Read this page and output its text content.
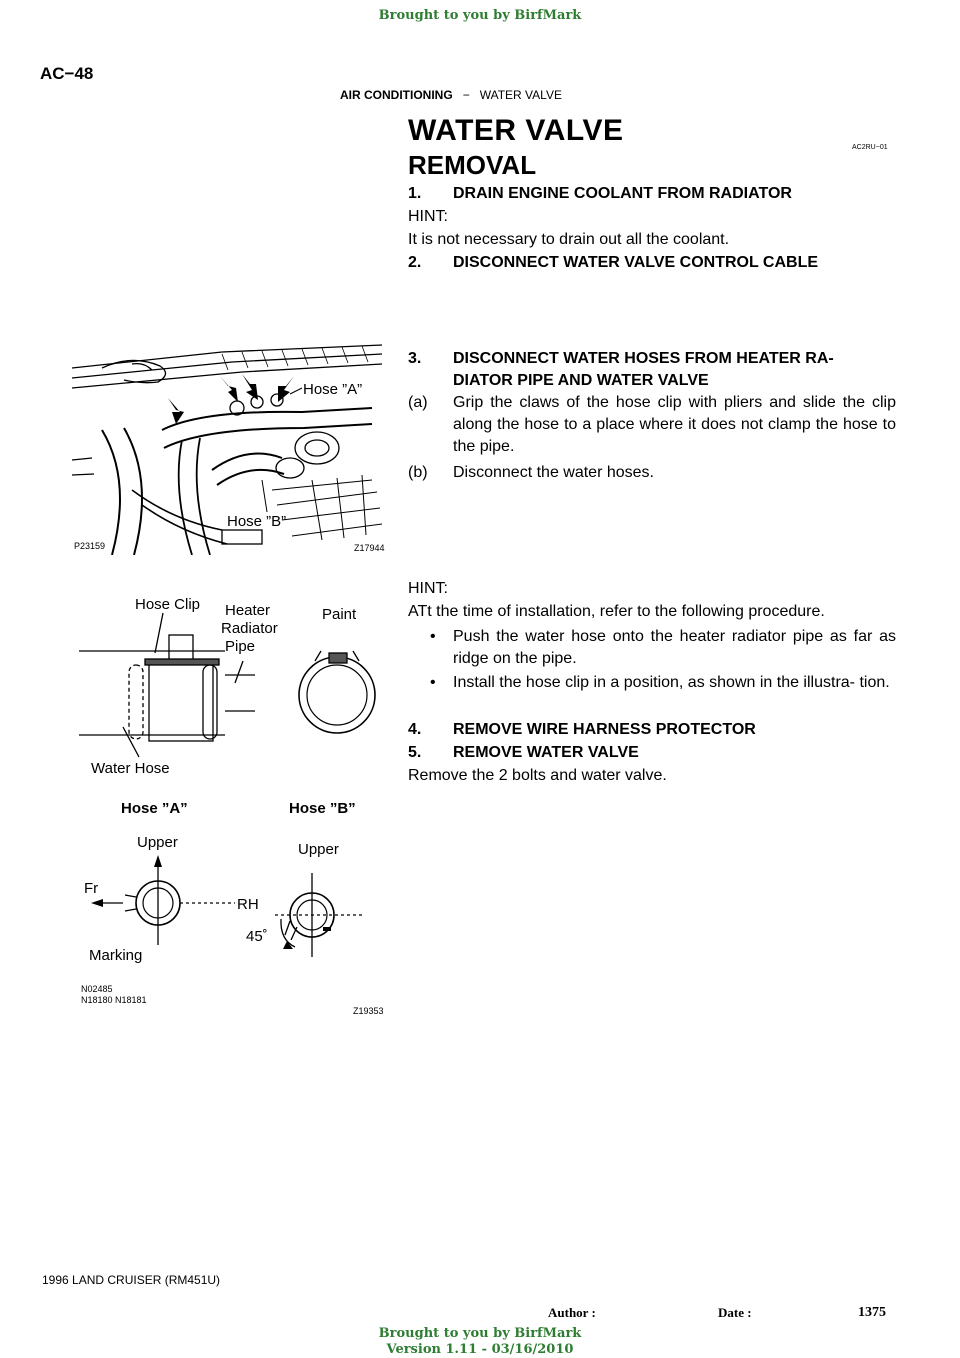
Brought to you by BirfMark
AC−48
AIR CONDITIONING − WATER VALVE
WATER VALVE
AC2RU−01
REMOVAL
1. DRAIN ENGINE COOLANT FROM RADIATOR

HINT:
It is not necessary to drain out all the coolant.
2. DISCONNECT WATER VALVE CONTROL CABLE

3. DISCONNECT WATER HOSES FROM HEATER RA-
DIATOR PIPE AND WATER VALVE
(a) Grip the claws of the hose clip with pliers and slide the clip along the hose to a place where it does not clamp the hose to the pipe.
(b) Disconnect the water hoses.

HINT:
ATt the time of installation, refer to the following procedure.
• Push the water hose onto the heater radiator pipe as far as ridge on the pipe.
• Install the hose clip in a position, as shown in the illustra- tion.
4. REMOVE WIRE HARNESS PROTECTOR

5. REMOVE WATER VALVE

Remove the 2 bolts and water valve.
Hose ”A”
Hose ”B”
P23159	Z17944
Hose Clip Heater
Radiator
Pipe
Paint
Water Hose
Hose ”A”	Hose ”B”
Upper	Upper
Fr
RH
45˚
Marking
N02485
N18180 N18181
Z19353
1996 LAND CRUISER (RM451U)
Author :	Date :	1375
Brought to you by BirfMark
Version 1.11 - 03/16/2010
